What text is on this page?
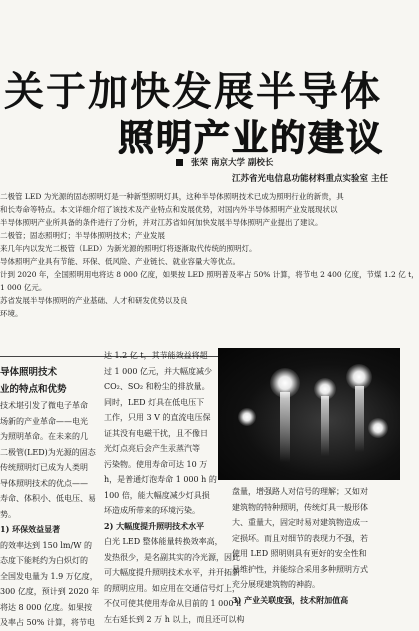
关于加快发展半导体
照明产业的建议
张荣 南京大学 副校长
江苏省光电信息功能材料重点实验室 主任
二极管 LED 为光源的固态照明灯是一种新型照明灯具，这种半导体照明技术已成为照明行业的新贵，具
和长寿命等特点。本文详细介绍了该技术及产业特点和发展优势，对国内外半导体照明产业发展现状以
半导体照明产业所具备的条件进行了分析，并对江苏省如何加快发展半导体照明产业提出了建议。
二极管；固态照明灯；半导体照明技术；产业发展
来几年内以发光二极管（LED）为新光源的照明灯将逐渐取代传统的照明灯。
导体照明产业具有节能、环保、低风险、产业链长、就业容量大等优点。
计到 2020 年，全国照明用电将达 8 000 亿度，如果按 LED 照明普及率占 50% 计算，将节电 2 400 亿度，节煤 1.2 亿 t，
1 000 亿元。
苏省发展半导体照明的产业基础、人才和研发优势以及良
环境。
导体照明技术
业的特点和优势
技术堪引发了微电子革命
场新的产业革命——电光
为照明革命。在未来的几
二极管(LED)为光源的固态
传统照明灯已成为人类明
导体照明技术的优点——
寿命、体积小、低电压、易
势。
1) 环保效益显著
的效率达到 150 lm/W 的
态度下能耗约为白炽灯的
全国发电量为 1.9 万亿度，
300 亿度，预计到 2020 年
将达 8 000 亿度。如果按
及率占 50% 计算，将节电
达 1.2 亿 t，其节能效益将超
过 1 000 亿元，并大幅度减少
CO₂、SO₂ 和粉尘的排放量。
同时，LED 灯具在低电压下
工作，只用 3 V 的直流电压保
证其没有电磁干扰，且不像日
光灯点亮后会产生汞蒸汽等
污染物。使用寿命可达 10 万
h，是普通灯泡寿命 1 000 h 的
100 倍，能大幅度减少灯具损
坏造成所带来的环境污染。
2) 大幅度提升照明技术水平
白光 LED 整体能量转换效率高，
发热很少，是名副其实的冷光源，因此
可大幅度提升照明技术水平，并开拓新
的照明应用。如应用在交通信号灯上，
不仅可使其使用寿命从目前的 1 000 h
左右延长到 2 万 h 以上，而且还可以构
盘量，增强路人对信号的理解；又如对
建筑物的特种照明，传统灯具一般形体
大、重量大，固定时易对建筑物造成一
定损坏。而且对细节的表现力不强，若
使用 LED 照明则具有更好的安全性和
易维护性，并能综合采用多种照明方式
充分展现建筑物的神韵。
3) 产业关联度强，技术附加值高
